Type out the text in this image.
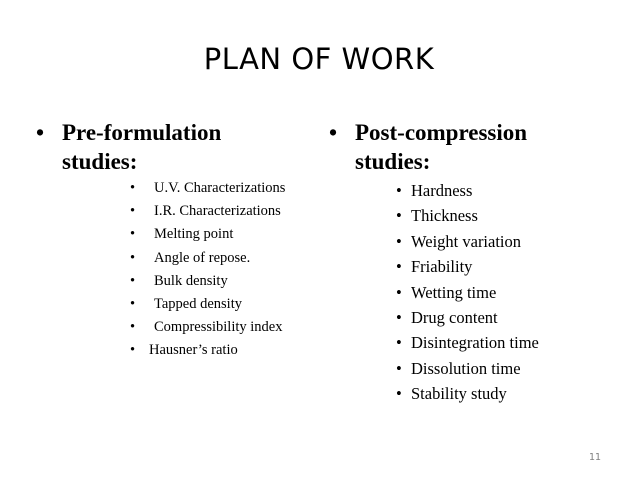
PLAN OF WORK
• Pre-formulation
studies:
• Post-compression
studies:
• U.V. Characterizations
• I.R. Characterizations
• Melting point
• Angle of repose.
• Bulk density
• Tapped density
• Compressibility index
• Hausner’s ratio
• Hardness
• Thickness
• Weight variation
• Friability
• Wetting time
• Drug content
• Disintegration time
• Dissolution time
• Stability study
11
